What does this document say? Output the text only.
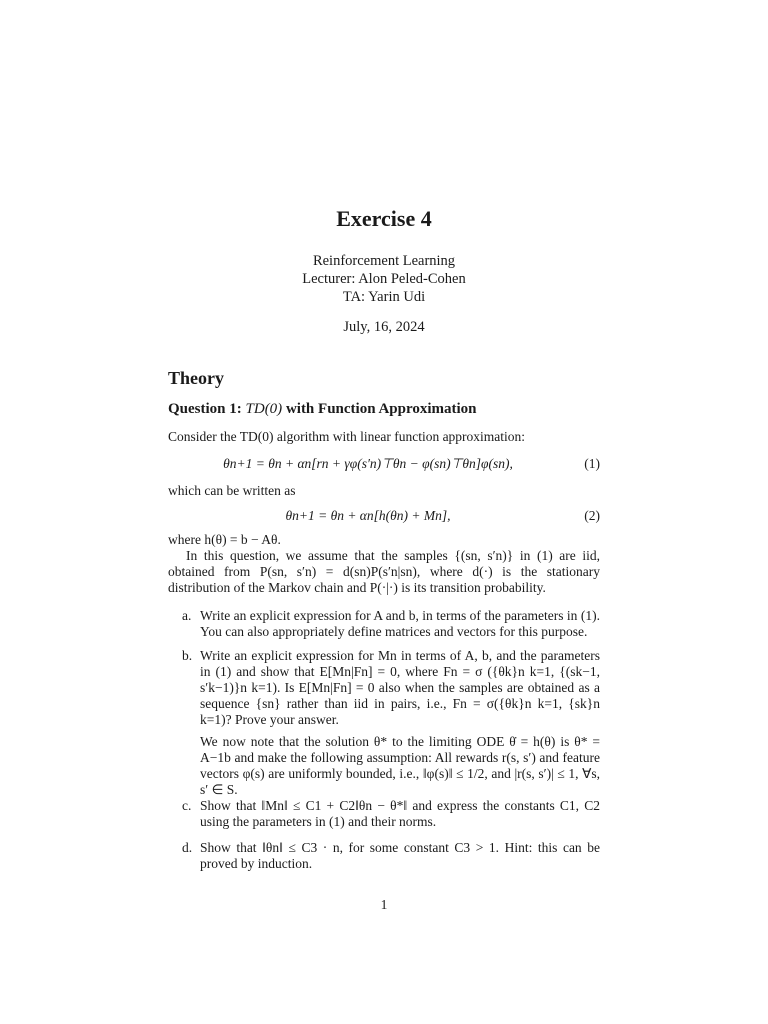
Exercise 4
Reinforcement Learning
Lecturer: Alon Peled-Cohen
TA: Yarin Udi
July, 16, 2024
Theory
Question 1: TD(0) with Function Approximation
Consider the TD(0) algorithm with linear function approximation:
θn+1 = θn + αn[rn + γφ(s′n)⊤θn − φ(sn)⊤θn]φ(sn),	(1)
which can be written as
θn+1 = θn + αn[h(θn) + Mn],	(2)
where h(θ) = b − Aθ.
In this question, we assume that the samples {(sn, s′n)} in (1) are iid, obtained from P(sn, s′n) = d(sn)P(s′n|sn), where d(·) is the stationary distribution of the Markov chain and P(·|·) is its transition probability.
a. Write an explicit expression for A and b, in terms of the parameters in (1). You can also appropriately define matrices and vectors for this purpose.
b. Write an explicit expression for Mn in terms of A, b, and the parameters in (1) and show that E[Mn|Fn] = 0, where Fn = σ ({θk}n k=1, {(sk−1, s′k−1)}n k=1). Is E[Mn|Fn] = 0 also when the samples are obtained as a sequence {sn} rather than iid in pairs, i.e., Fn = σ({θk}n k=1, {sk}n k=1)? Prove your answer.
We now note that the solution θ* to the limiting ODE θ̇ = h(θ) is θ* = A−1b and make the following assumption: All rewards r(s, s′) and feature vectors φ(s) are uniformly bounded, i.e., ‖φ(s)‖ ≤ 1/2, and |r(s, s′)| ≤ 1, ∀s, s′ ∈ S.
c. Show that ‖Mn‖ ≤ C1 + C2‖θn − θ*‖ and express the constants C1, C2 using the parameters in (1) and their norms.
d. Show that ‖θn‖ ≤ C3 · n, for some constant C3 > 1. Hint: this can be proved by induction.
1
